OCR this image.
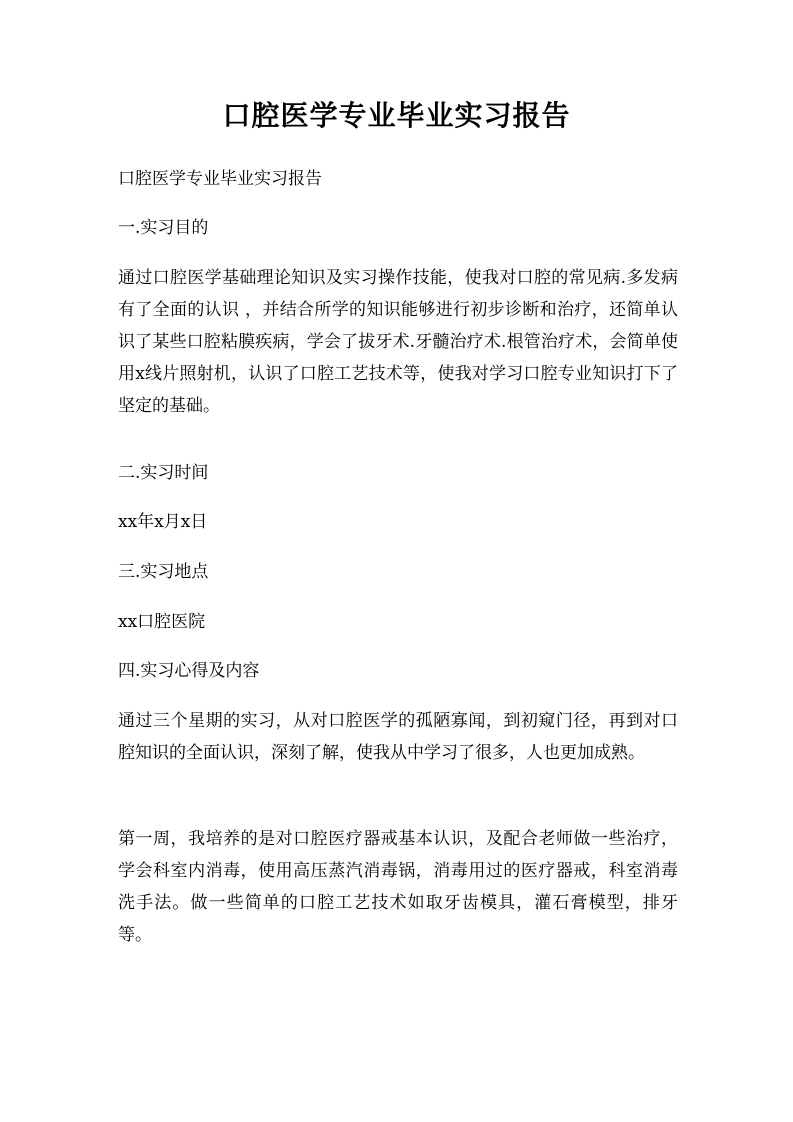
口腔医学专业毕业实习报告
口腔医学专业毕业实习报告
一.实习目的
通过口腔医学基础理论知识及实习操作技能，使我对口腔的常见病.多发病 有了全面的认识 ，并结合所学的知识能够进行初步诊断和治疗，还简单认识了某些口腔粘膜疾病，学会了拔牙术.牙髓治疗术.根管治疗术，会简单使用x线片照射机，认识了口腔工艺技术等，使我对学习口腔专业知识打下了坚定的基础。
二.实习时间
xx年x月x日
三.实习地点
xx口腔医院
四.实习心得及内容
通过三个星期的实习，从对口腔医学的孤陋寡闻，到初窥门径，再到对口腔知识的全面认识，深刻了解，使我从中学习了很多，人也更加成熟。
第一周，我培养的是对口腔医疗器戒基本认识，及配合老师做一些治疗，学会科室内消毒，使用高压蒸汽消毒锅，消毒用过的医疗器戒，科室消毒洗手法。做一些简单的口腔工艺技术如取牙齿模具，灌石膏模型，排牙等。
